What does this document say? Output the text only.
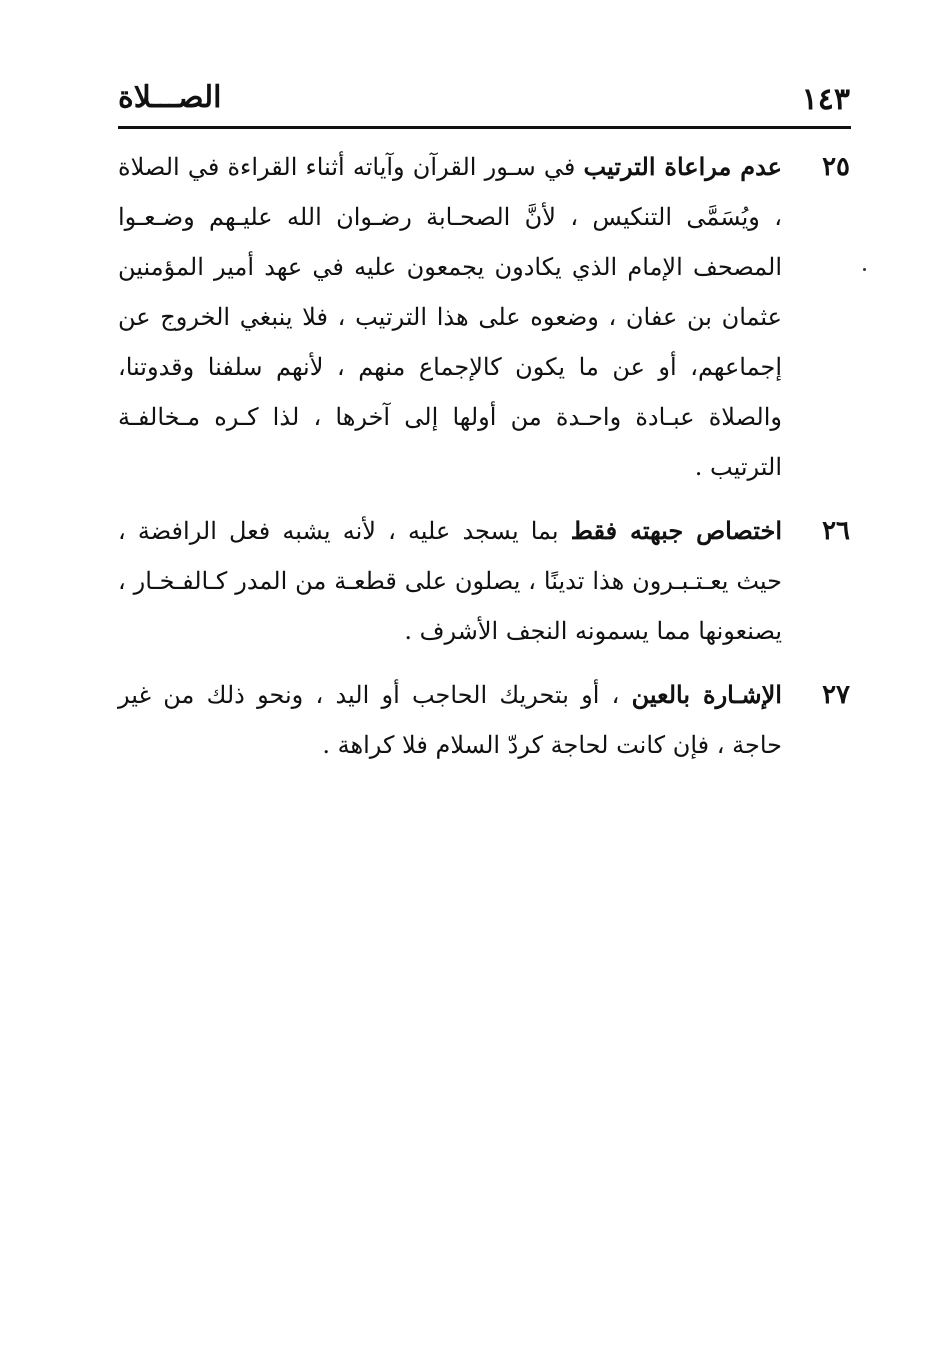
١٤٣
الصـــلاة
٢٥

عدم مراعاة الترتيب في سـور القرآن وآياته أثناء القراءة في الصلاة ، ويُسَمَّى التنكيس ، لأنَّ الصحـابة رضـوان الله عليـهم وضـعـوا المصحف الإمام الذي يكادون يجمعون عليه في عهد أمير المؤمنين عثمان بن عفان ، وضعوه على هذا الترتيب ، فلا ينبغي الخروج عن إجماعهم، أو عن ما يكون كالإجماع منهم ، لأنهم سلفنا وقدوتنا، والصلاة عبـادة واحـدة من أولها إلى آخرها ، لذا كـره مـخالفـة الترتيب .

٢٦

اختصاص جبهته فقط بما يسجد عليه ، لأنه يشبه فعل الرافضة ، حيث يعـتـبـرون هذا تدينًا ، يصلون على قطعـة من المدر كـالفـخـار ، يصنعونها مما يسمونه النجف الأشرف .

٢٧

الإشـارة بالعين ، أو بتحريك الحاجب أو اليد ، ونحو ذلك من غير حاجة ، فإن كانت لحاجة كردّ السلام فلا كراهة .
